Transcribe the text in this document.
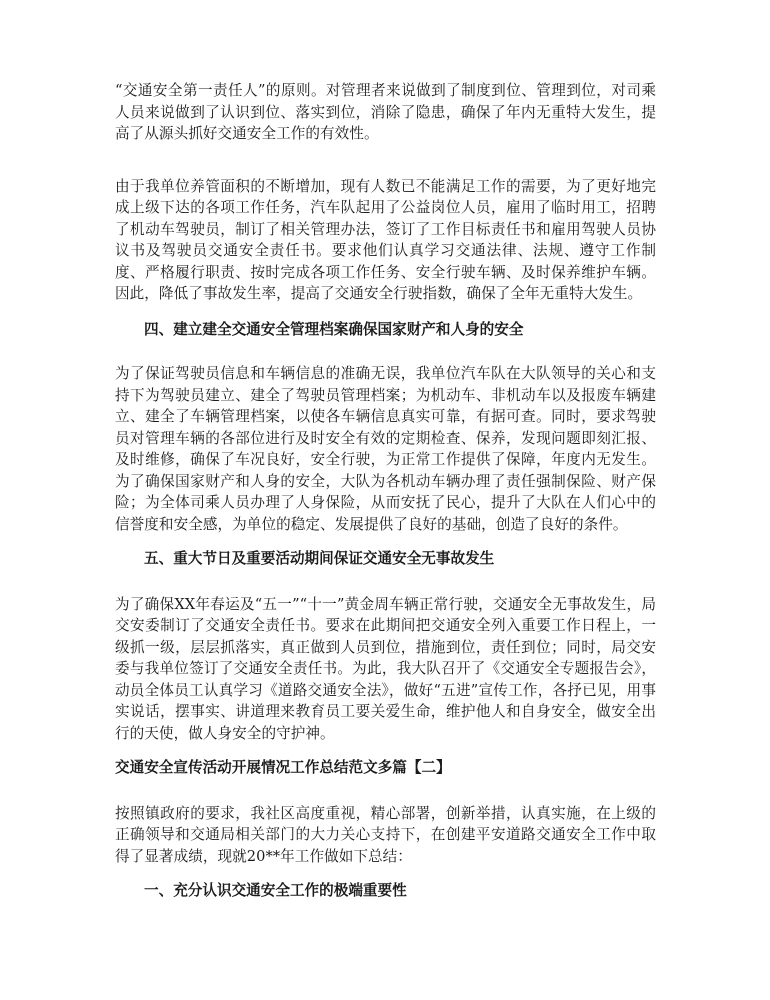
“交通安全第一责任人”的原则。对管理者来说做到了制度到位、管理到位，对司乘人员来说做到了认识到位、落实到位，消除了隐患，确保了年内无重特大发生，提高了从源头抓好交通安全工作的有效性。

由于我单位养管面积的不断增加，现有人数已不能满足工作的需要，为了更好地完成上级下达的各项工作任务，汽车队起用了公益岗位人员，雇用了临时用工，招聘了机动车驾驶员，制订了相关管理办法，签订了工作目标责任书和雇用驾驶人员协议书及驾驶员交通安全责任书。要求他们认真学习交通法律、法规、遵守工作制度、严格履行职责、按时完成各项工作任务、安全行驶车辆、及时保养维护车辆。因此，降低了事故发生率，提高了交通安全行驶指数，确保了全年无重特大发生。

四、建立建全交通安全管理档案确保国家财产和人身的安全

为了保证驾驶员信息和车辆信息的准确无误，我单位汽车队在大队领导的关心和支持下为驾驶员建立、建全了驾驶员管理档案；为机动车、非机动车以及报废车辆建立、建全了车辆管理档案，以使各车辆信息真实可靠，有据可查。同时，要求驾驶员对管理车辆的各部位进行及时安全有效的定期检查、保养，发现问题即刻汇报、及时维修，确保了车况良好，安全行驶，为正常工作提供了保障，年度内无发生。为了确保国家财产和人身的安全，大队为各机动车辆办理了责任强制保险、财产保险；为全体司乘人员办理了人身保险，从而安抚了民心，提升了大队在人们心中的信誉度和安全感，为单位的稳定、发展提供了良好的基础，创造了良好的条件。

五、重大节日及重要活动期间保证交通安全无事故发生

为了确保XX年春运及“五一”“十一”黄金周车辆正常行驶，交通安全无事故发生，局交安委制订了交通安全责任书。要求在此期间把交通安全列入重要工作日程上，一级抓一级，层层抓落实，真正做到人员到位，措施到位，责任到位；同时，局交安委与我单位签订了交通安全责任书。为此，我大队召开了《交通安全专题报告会》，动员全体员工认真学习《道路交通安全法》，做好“五进”宣传工作，各抒已见，用事实说话，摆事实、讲道理来教育员工要关爱生命，维护他人和自身安全，做安全出行的天使，做人身安全的守护神。

交通安全宣传活动开展情况工作总结范文多篇【二】

按照镇政府的要求，我社区高度重视，精心部署，创新举措，认真实施，在上级的正确领导和交通局相关部门的大力关心支持下，在创建平安道路交通安全工作中取得了显著成绩，现就20**年工作做如下总结：

一、充分认识交通安全工作的极端重要性
